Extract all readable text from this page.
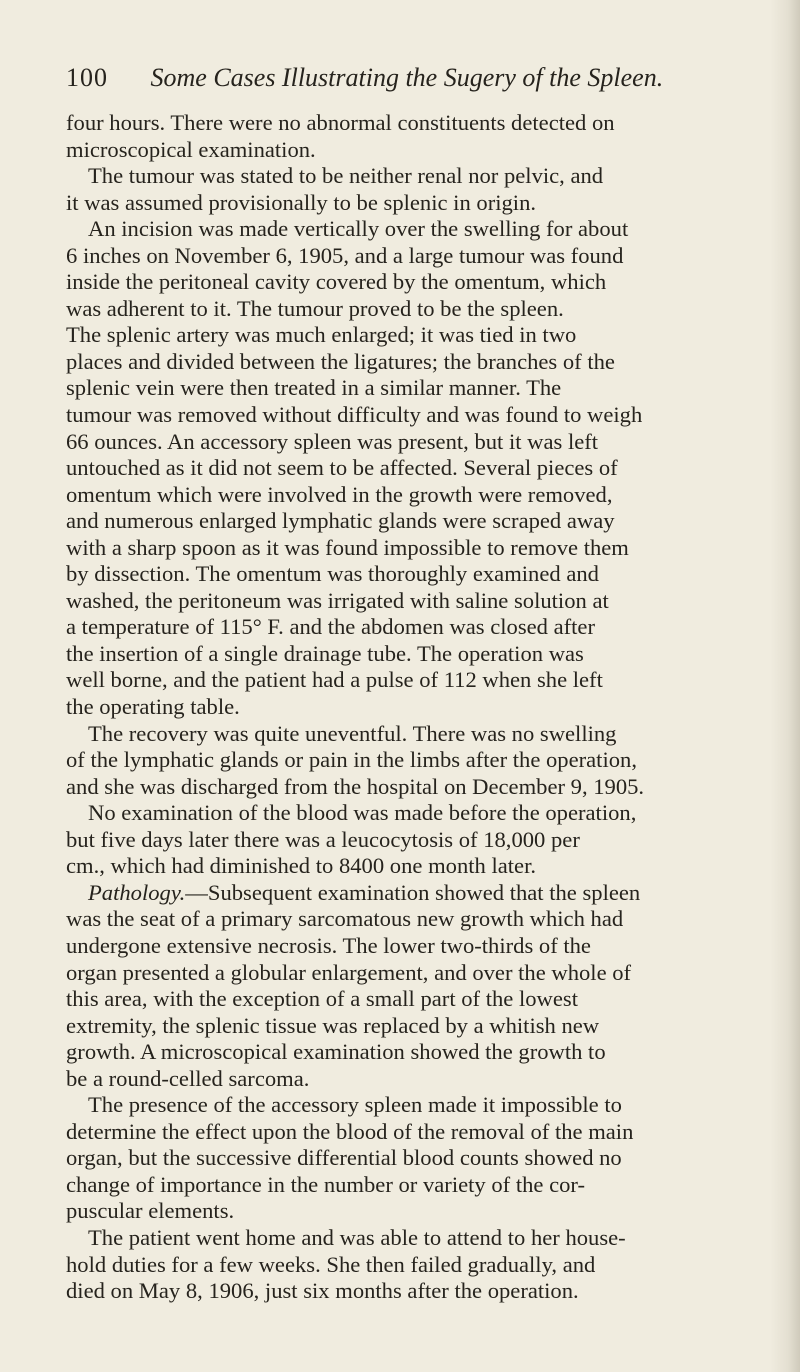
100 Some Cases Illustrating the Sugery of the Spleen.
four hours. There were no abnormal constituents detected on
microscopical examination.
The tumour was stated to be neither renal nor pelvic, and
it was assumed provisionally to be splenic in origin.
An incision was made vertically over the swelling for about
6 inches on November 6, 1905, and a large tumour was found
inside the peritoneal cavity covered by the omentum, which
was adherent to it. The tumour proved to be the spleen.
The splenic artery was much enlarged; it was tied in two
places and divided between the ligatures; the branches of the
splenic vein were then treated in a similar manner. The
tumour was removed without difficulty and was found to weigh
66 ounces. An accessory spleen was present, but it was left
untouched as it did not seem to be affected. Several pieces of
omentum which were involved in the growth were removed,
and numerous enlarged lymphatic glands were scraped away
with a sharp spoon as it was found impossible to remove them
by dissection. The omentum was thoroughly examined and
washed, the peritoneum was irrigated with saline solution at
a temperature of 115° F. and the abdomen was closed after
the insertion of a single drainage tube. The operation was
well borne, and the patient had a pulse of 112 when she left
the operating table.
The recovery was quite uneventful. There was no swelling
of the lymphatic glands or pain in the limbs after the operation,
and she was discharged from the hospital on December 9, 1905.
No examination of the blood was made before the operation,
but five days later there was a leucocytosis of 18,000 per
cm., which had diminished to 8400 one month later.
Pathology.—Subsequent examination showed that the spleen
was the seat of a primary sarcomatous new growth which had
undergone extensive necrosis. The lower two-thirds of the
organ presented a globular enlargement, and over the whole of
this area, with the exception of a small part of the lowest
extremity, the splenic tissue was replaced by a whitish new
growth. A microscopical examination showed the growth to
be a round-celled sarcoma.
The presence of the accessory spleen made it impossible to
determine the effect upon the blood of the removal of the main
organ, but the successive differential blood counts showed no
change of importance in the number or variety of the cor-
puscular elements.
The patient went home and was able to attend to her house-
hold duties for a few weeks. She then failed gradually, and
died on May 8, 1906, just six months after the operation.
